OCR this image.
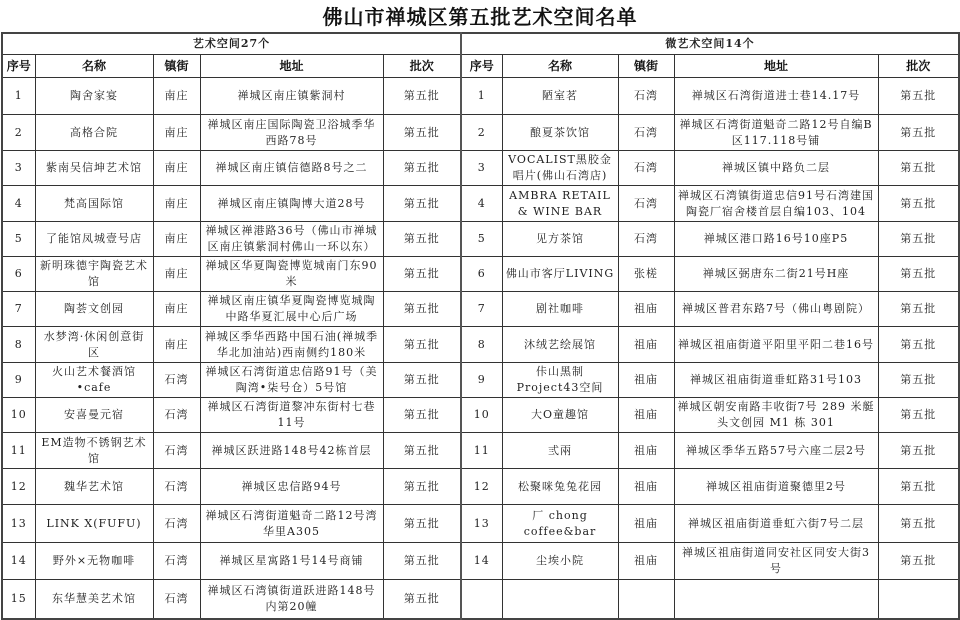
佛山市禅城区第五批艺术空间名单
艺术空间27个					微艺术空间14个				
序号	名称	镇街	地址	批次	序号	名称	镇街	地址	批次
1	陶舍家宴	南庄	禅城区南庄镇紫洞村	第五批	1	陋室茗	石湾	禅城区石湾街道进士巷14.17号	第五批
2	高格合院	南庄	禅城区南庄国际陶瓷卫浴城季华西路78号	第五批	2	酿夏茶饮馆	石湾	禅城区石湾街道魁奇二路12号自编B区117.118号铺	第五批
3	紫南吴信坤艺术馆	南庄	禅城区南庄镇信德路8号之二	第五批	3	VOCALIST黑胶金唱片(佛山石湾店)	石湾	禅城区镇中路负二层	第五批
4	梵高国际馆	南庄	禅城区南庄镇陶博大道28号	第五批	4	AMBRA RETAIL & WINE BAR	石湾	禅城区石湾镇街道忠信91号石湾建国陶瓷厂宿舍楼首层自编103、104	第五批
5	了能馆凤城壹号店	南庄	禅城区禅港路36号（佛山市禅城区南庄镇紫洞村佛山一环以东）	第五批	5	见方茶馆	石湾	禅城区港口路16号10座P5	第五批
6	新明珠德宇陶瓷艺术馆	南庄	禅城区华夏陶瓷博览城南门东90米	第五批	6	佛山市客厅LIVING	张槎	禅城区弼唐东二街21号H座	第五批
7	陶荟文创园	南庄	禅城区南庄镇华夏陶瓷博览城陶中路华夏汇展中心后广场	第五批	7	剧社咖啡	祖庙	禅城区普君东路7号（佛山粤剧院）	第五批
8	水梦湾·休闲创意街区	南庄	禅城区季华西路中国石油(禅城季华北加油站)西南侧约180米	第五批	8	沐绒艺绘展馆	祖庙	禅城区祖庙街道平阳里平阳二巷16号	第五批
9	火山艺术餐酒馆•cafe	石湾	禅城区石湾街道忠信路91号（美陶湾•柒号仓）5号馆	第五批	9	佧山黑制Project43空间	祖庙	禅城区祖庙街道垂虹路31号103	第五批
10	安喜曼元宿	石湾	禅城区石湾街道黎冲东街村七巷11号	第五批	10	大O童趣馆	祖庙	禅城区朝安南路丰收街7号 289 米艇头文创园 M1 栋 301	第五批
11	EM造物不锈钢艺术馆	石湾	禅城区跃进路148号42栋首层	第五批	11	弎兩	祖庙	禅城区季华五路57号六座二层2号	第五批
12	魏华艺术馆	石湾	禅城区忠信路94号	第五批	12	松聚咪兔兔花园	祖庙	禅城区祖庙街道聚德里2号	第五批
13	LINK X(FUFU)	石湾	禅城区石湾街道魁奇二路12号湾华里A305	第五批	13	厂 chong coffee&bar	祖庙	禅城区祖庙街道垂虹六街7号二层	第五批
14	野外×无物咖啡	石湾	禅城区星寓路1号14号商铺	第五批	14	尘埃小院	祖庙	禅城区祖庙街道同安社区同安大街3号	第五批
15	东华慧美艺术馆	石湾	禅城区石湾镇街道跃进路148号内第20幢	第五批					
